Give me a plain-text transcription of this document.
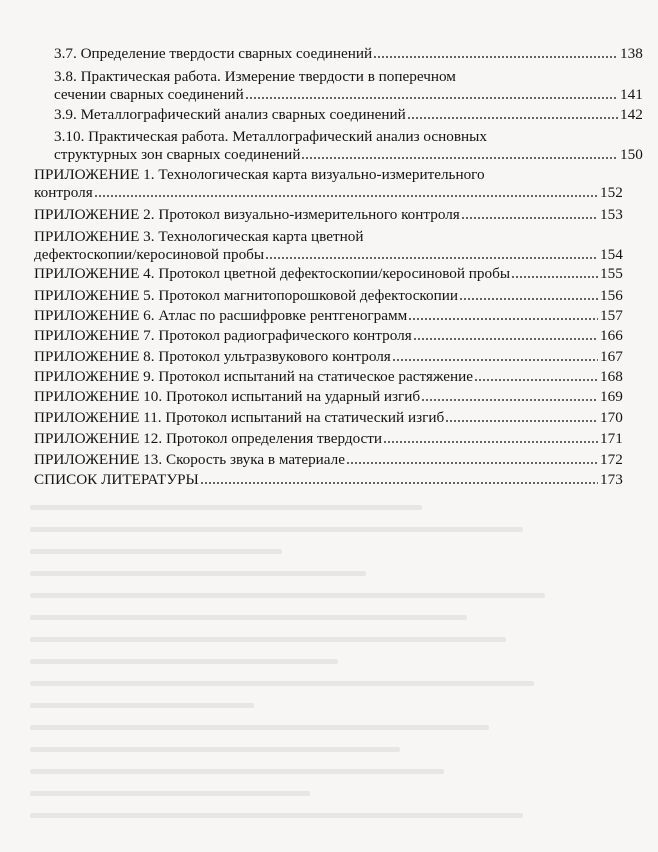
3.7. Определение твердости сварных соединений	138
3.8. Практическая работа. Измерение твердости в поперечном
сечении сварных соединений	141
3.9. Металлографический анализ сварных соединений	142
3.10. Практическая работа. Металлографический анализ основных
структурных зон сварных соединений	150
ПРИЛОЖЕНИЕ 1. Технологическая карта визуально-измерительного
контроля	152
ПРИЛОЖЕНИЕ 2. Протокол визуально-измерительного контроля	153
ПРИЛОЖЕНИЕ 3. Технологическая карта цветной
дефектоскопии/керосиновой пробы	154
ПРИЛОЖЕНИЕ 4. Протокол цветной дефектоскопии/керосиновой пробы	155
ПРИЛОЖЕНИЕ 5. Протокол магнитопорошковой дефектоскопии	156
ПРИЛОЖЕНИЕ 6. Атлас по расшифровке рентгенограмм	157
ПРИЛОЖЕНИЕ 7. Протокол радиографического контроля	166
ПРИЛОЖЕНИЕ 8. Протокол ультразвукового контроля	167
ПРИЛОЖЕНИЕ 9. Протокол испытаний на статическое растяжение	168
ПРИЛОЖЕНИЕ 10. Протокол испытаний на ударный изгиб	169
ПРИЛОЖЕНИЕ 11. Протокол испытаний на статический изгиб	170
ПРИЛОЖЕНИЕ 12. Протокол определения твердости	171
ПРИЛОЖЕНИЕ 13. Скорость звука в материале	172
СПИСОК ЛИТЕРАТУРЫ	173
